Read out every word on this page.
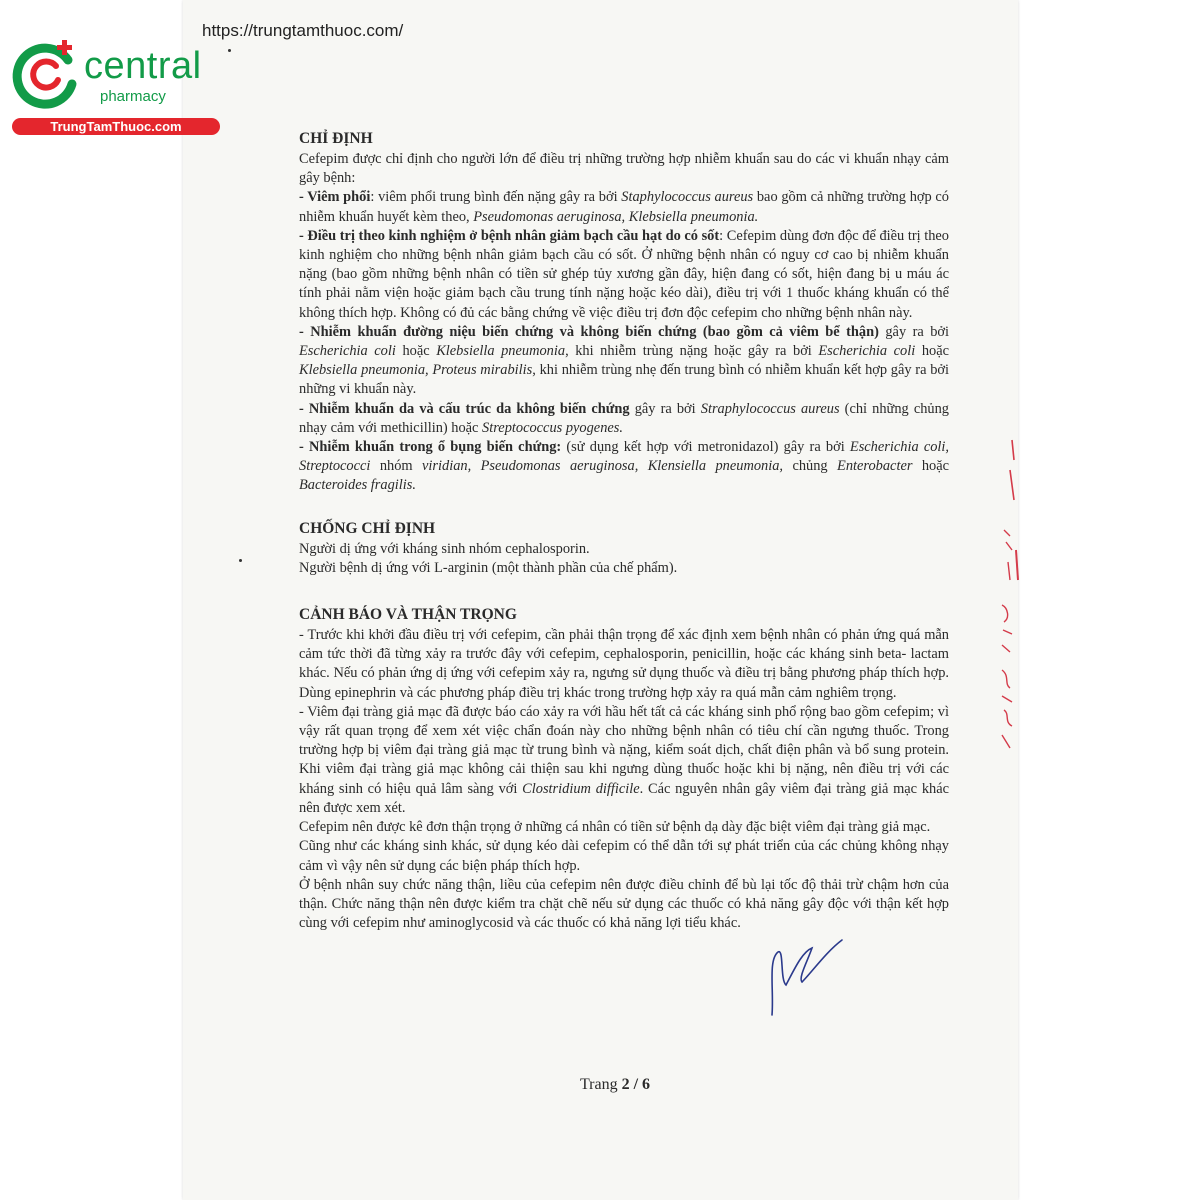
https://trungtamthuoc.com/
central
pharmacy
TrungTamThuoc.com
CHỈ ĐỊNH

Cefepim được chỉ định cho người lớn để điều trị những trường hợp nhiễm khuẩn sau do các vi khuẩn nhạy cảm gây bệnh:

- Viêm phổi: viêm phổi trung bình đến nặng gây ra bởi Staphylococcus aureus bao gồm cả những trường hợp có nhiễm khuẩn huyết kèm theo, Pseudomonas aeruginosa, Klebsiella pneumonia.

- Điều trị theo kinh nghiệm ở bệnh nhân giảm bạch cầu hạt do có sốt: Cefepim dùng đơn độc để điều trị theo kinh nghiệm cho những bệnh nhân giảm bạch cầu có sốt. Ở những bệnh nhân có nguy cơ cao bị nhiễm khuẩn nặng (bao gồm những bệnh nhân có tiền sử ghép tủy xương gần đây, hiện đang có sốt, hiện đang bị u máu ác tính phải nằm viện hoặc giảm bạch cầu trung tính nặng hoặc kéo dài), điều trị với 1 thuốc kháng khuẩn có thể không thích hợp. Không có đủ các bằng chứng về việc điều trị đơn độc cefepim cho những bệnh nhân này.

- Nhiễm khuẩn đường niệu biến chứng và không biến chứng (bao gồm cả viêm bể thận) gây ra bởi Escherichia coli hoặc Klebsiella pneumonia, khi nhiễm trùng nặng hoặc gây ra bởi Escherichia coli hoặc Klebsiella pneumonia, Proteus mirabilis, khi nhiễm trùng nhẹ đến trung bình có nhiễm khuẩn kết hợp gây ra bởi những vi khuẩn này.

- Nhiễm khuẩn da và cấu trúc da không biến chứng gây ra bởi Straphylococcus aureus (chỉ những chủng nhạy cảm với methicillin) hoặc Streptococcus pyogenes.

- Nhiễm khuẩn trong ổ bụng biến chứng: (sử dụng kết hợp với metronidazol) gây ra bởi Escherichia coli, Streptococci nhóm viridian, Pseudomonas aeruginosa, Klensiella pneumonia, chủng Enterobacter hoặc Bacteroides fragilis.

CHỐNG CHỈ ĐỊNH

Người dị ứng với kháng sinh nhóm cephalosporin.

Người bệnh dị ứng với L-arginin (một thành phần của chế phẩm).

CẢNH BÁO VÀ THẬN TRỌNG

- Trước khi khởi đầu điều trị với cefepim, cần phải thận trọng để xác định xem bệnh nhân có phản ứng quá mẫn cảm tức thời đã từng xảy ra trước đây với cefepim, cephalosporin, penicillin, hoặc các kháng sinh beta- lactam khác. Nếu có phản ứng dị ứng với cefepim xảy ra, ngưng sử dụng thuốc và điều trị bằng phương pháp thích hợp. Dùng epinephrin và các phương pháp điều trị khác trong trường hợp xảy ra quá mẫn cảm nghiêm trọng.

- Viêm đại tràng giả mạc đã được báo cáo xảy ra với hầu hết tất cả các kháng sinh phổ rộng bao gồm cefepim; vì vậy rất quan trọng để xem xét việc chẩn đoán này cho những bệnh nhân có tiêu chí cần ngưng thuốc. Trong trường hợp bị viêm đại tràng giả mạc từ trung bình và nặng, kiểm soát dịch, chất điện phân và bổ sung protein. Khi viêm đại tràng giả mạc không cải thiện sau khi ngưng dùng thuốc hoặc khi bị nặng, nên điều trị với các kháng sinh có hiệu quả lâm sàng với Clostridium difficile. Các nguyên nhân gây viêm đại tràng giả mạc khác nên được xem xét.

Cefepim nên được kê đơn thận trọng ở những cá nhân có tiền sử bệnh dạ dày đặc biệt viêm đại tràng giả mạc.

Cũng như các kháng sinh khác, sử dụng kéo dài cefepim có thể dẫn tới sự phát triển của các chủng không nhạy cảm vì vậy nên sử dụng các biện pháp thích hợp.

Ở bệnh nhân suy chức năng thận, liều của cefepim nên được điều chỉnh để bù lại tốc độ thải trừ chậm hơn của thận. Chức năng thận nên được kiểm tra chặt chẽ nếu sử dụng các thuốc có khả năng gây độc với thận kết hợp cùng với cefepim như aminoglycosid và các thuốc có khả năng lợi tiểu khác.

Trang 2 / 6
